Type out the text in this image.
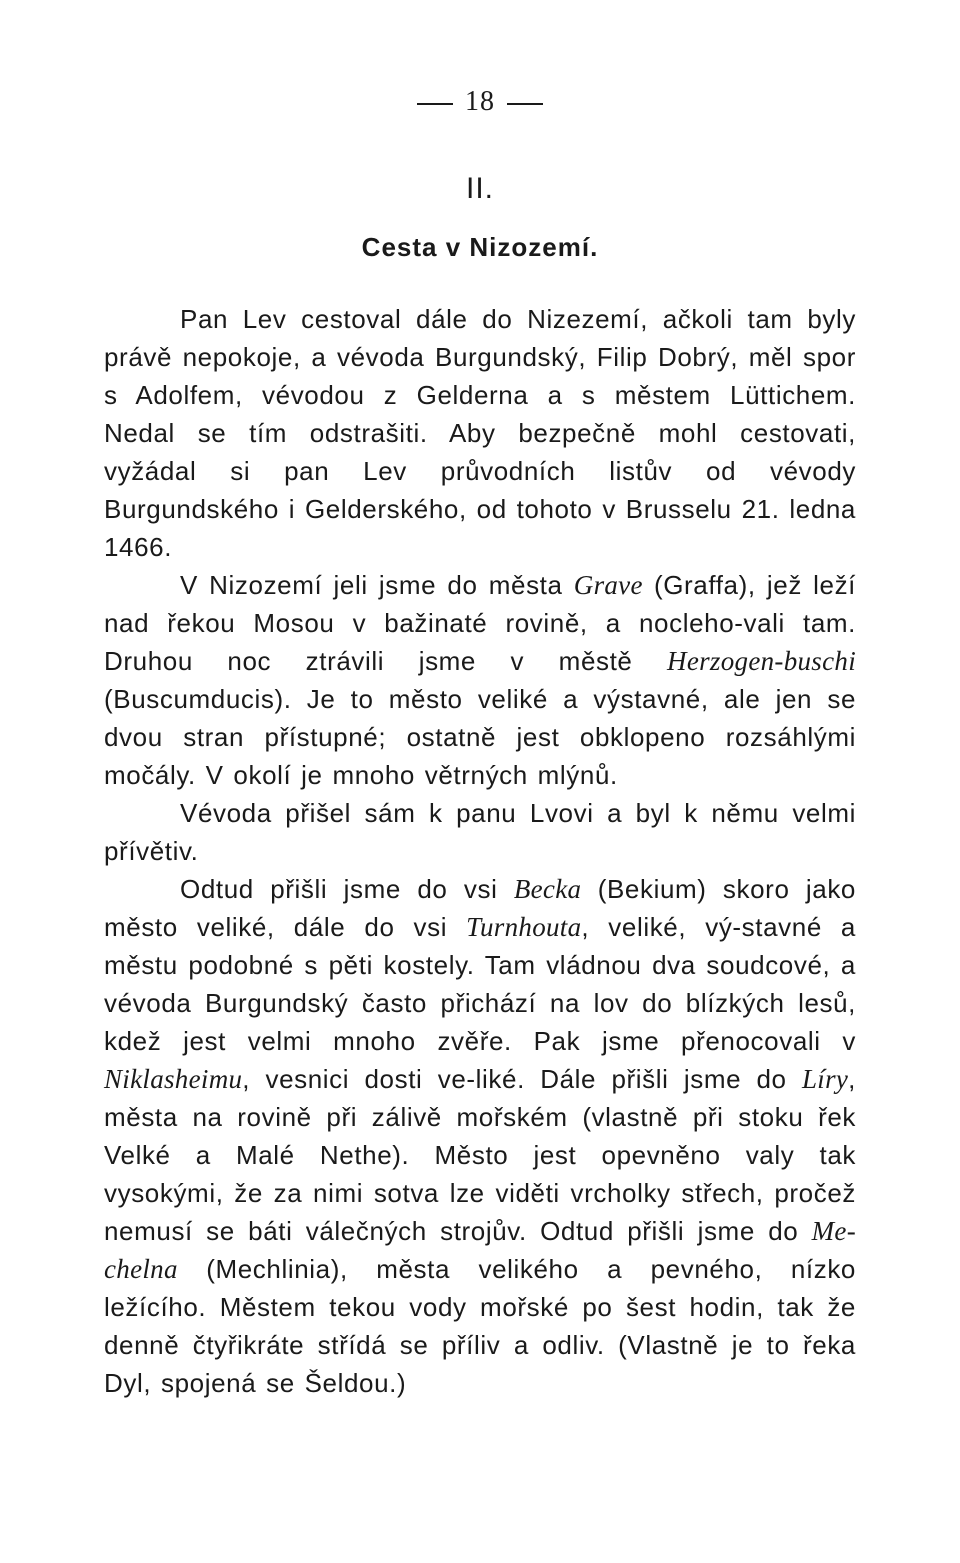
18
II.
Cesta v Nizozemí.

Pan Lev cestoval dále do Nizezemí, ačkoli tam byly právě nepokoje, a vévoda Burgundský, Filip Dobrý, měl spor s Adolfem, vévodou z Gelderna a s městem Lüttichem. Nedal se tím odstrašiti. Aby bezpečně mohl cestovati, vyžádal si pan Lev průvodních listův od vévody Burgundského i Gelderského, od tohoto v Brusselu 21. ledna 1466.

V Nizozemí jeli jsme do města Grave (Graffa), jež leží nad řekou Mosou v bažinaté rovině, a nocleho-vali tam. Druhou noc ztrávili jsme v městě Herzogen-buschi (Buscumducis). Je to město veliké a výstavné, ale jen se dvou stran přístupné; ostatně jest obklopeno rozsáhlými močály. V okolí je mnoho větrných mlýnů.

Vévoda přišel sám k panu Lvovi a byl k němu velmi přívětiv.

Odtud přišli jsme do vsi Becka (Bekium) skoro jako město veliké, dále do vsi Turnhouta, veliké, vý-stavné a městu podobné s pěti kostely. Tam vládnou dva soudcové, a vévoda Burgundský často přichází na lov do blízkých lesů, kdež jest velmi mnoho zvěře. Pak jsme přenocovali v Niklasheimu, vesnici dosti ve-liké. Dále přišli jsme do Líry, města na rovině při zálivě mořském (vlastně při stoku řek Velké a Malé Nethe). Město jest opevněno valy tak vysokými, že za nimi sotva lze viděti vrcholky střech, pročež nemusí se báti válečných strojův. Odtud přišli jsme do Me-chelna (Mechlinia), města velikého a pevného, nízko ležícího. Městem tekou vody mořské po šest hodin, tak že denně čtyřikráte střídá se příliv a odliv. (Vlastně je to řeka Dyl, spojená se Šeldou.)
